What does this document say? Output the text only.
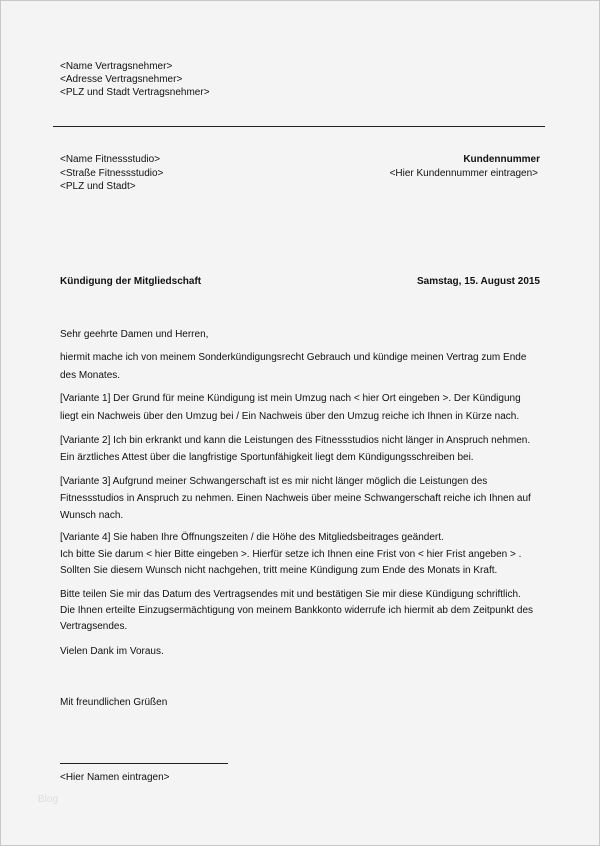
<Name Vertragsnehmer>
<Adresse Vertragsnehmer>
<PLZ und Stadt Vertragsnehmer>
<Name Fitnessstudio>
<Straße Fitnessstudio>
<PLZ und Stadt>
Kundennummer
<Hier Kundennummer eintragen>
Kündigung der Mitgliedschaft	Samstag, 15. August 2015
Sehr geehrte Damen und Herren,
hiermit mache ich von meinem Sonderkündigungsrecht Gebrauch und kündige meinen Vertrag zum Ende
des Monates.
[Variante 1] Der Grund für meine Kündigung ist mein Umzug nach < hier Ort eingeben >. Der Kündigung
liegt ein Nachweis über den Umzug bei / Ein Nachweis über den Umzug reiche ich Ihnen in Kürze nach.
[Variante 2] Ich bin erkrankt und kann die Leistungen des Fitnessstudios nicht länger in Anspruch nehmen.
Ein ärztliches Attest über die langfristige Sportunfähigkeit liegt dem Kündigungsschreiben bei.
[Variante 3] Aufgrund meiner Schwangerschaft ist es mir nicht länger möglich die Leistungen des
Fitnessstudios in Anspruch zu nehmen. Einen Nachweis über meine Schwangerschaft reiche ich Ihnen auf
Wunsch nach.
[Variante 4] Sie haben Ihre Öffnungszeiten / die Höhe des Mitgliedsbeitrages geändert.
Ich bitte Sie darum < hier Bitte eingeben >. Hierfür setze ich Ihnen eine Frist von < hier Frist angeben > .
Sollten Sie diesem Wunsch nicht nachgehen, tritt meine Kündigung zum Ende des Monats in Kraft.
Bitte teilen Sie mir das Datum des Vertragsendes mit und bestätigen Sie mir diese Kündigung schriftlich.
Die Ihnen erteilte Einzugsermächtigung von meinem Bankkonto widerrufe ich hiermit ab dem Zeitpunkt des
Vertragsendes.
Vielen Dank im Voraus.
Mit freundlichen Grüßen
<Hier Namen eintragen>
Blog
